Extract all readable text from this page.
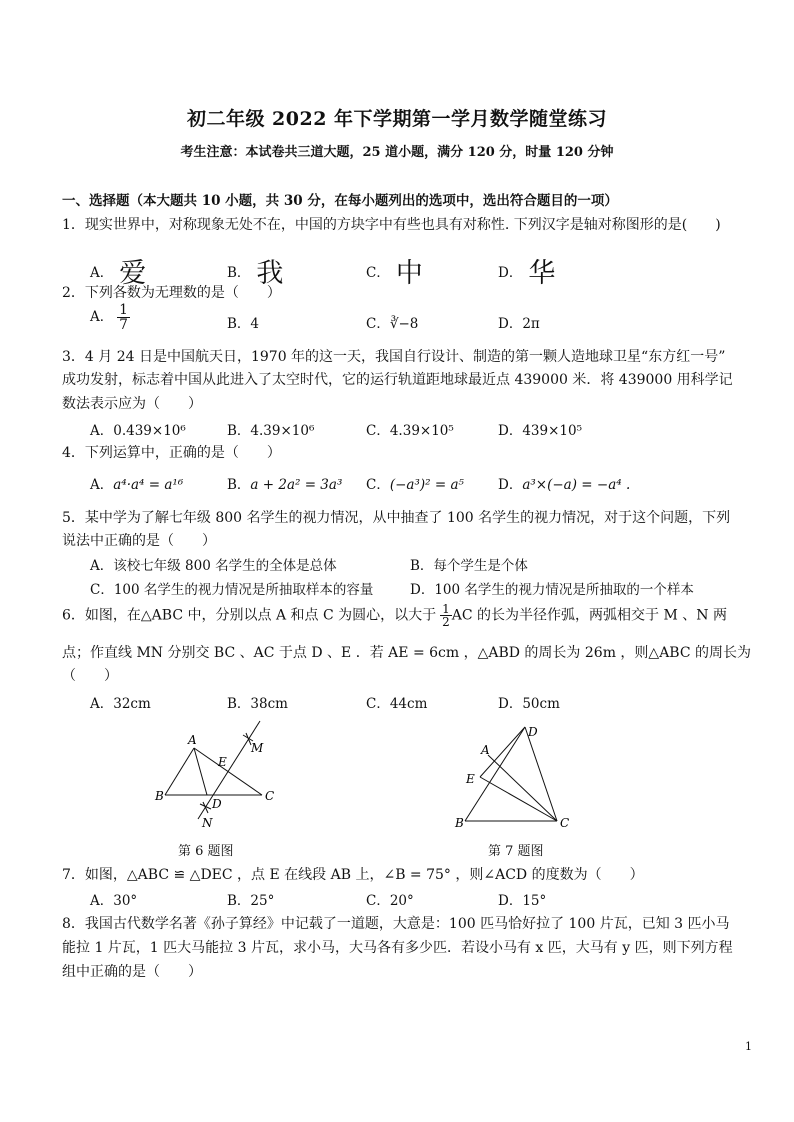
初二年级 2022 年下学期第一学月数学随堂练习
考生注意：本试卷共三道大题，25 道小题，满分 120 分，时量 120 分钟
一、选择题（本大题共 10 小题，共 30 分，在每小题列出的选项中，选出符合题目的一项）
1．现实世界中，对称现象无处不在，中国的方块字中有些也具有对称性. 下列汉字是轴对称图形的是(　　)
A． 爱	B． 我	C． 中	D． 华
2．下列各数为无理数的是（　　）
A． $\frac{1}{7}$	B．4	C．∛−8	D．2π
3．4 月 24 日是中国航天日，1970 年的这一天，我国自行设计、制造的第一颗人造地球卫星“东方红一号”
成功发射，标志着中国从此进入了太空时代，它的运行轨道距地球最近点 439000 米．将 439000 用科学记
数法表示应为（　　）
A．0.439×10⁶	B．4.39×10⁶	C．4.39×10⁵	D．439×10⁵
4．下列运算中，正确的是（　　）
A．a⁴·a⁴ = a¹⁶	B．a + 2a² = 3a³ C．(−a³)² = a⁵	D．a³×(−a) = −a⁴ .
5．某中学为了解七年级 800 名学生的视力情况，从中抽查了 100 名学生的视力情况，对于这个问题，下列
说法中正确的是（　　）
A．该校七年级 800 名学生的全体是总体	B．每个学生是个体
C．100 名学生的视力情况是所抽取样本的容量	D．100 名学生的视力情况是所抽取的一个样本
6．如图，在△ABC 中，分别以点 A 和点 C 为圆心，以大于 $\frac{1}{2}$ AC 的长为半径作弧，两弧相交于 M 、N 两
点；作直线 MN 分别交 BC 、AC 于点 D 、E ．若 AE = 6cm ，△ABD 的周长为 26m ，则△ABC 的周长为
（　　）
A．32cm	B．38cm	C．44cm	D．50cm
A
B	C
D
E
M
N
第 6 题图
D
A
E
B	C
第 7 题图
7．如图，△ABC ≌ △DEC ，点 E 在线段 AB 上，∠B = 75° ，则∠ACD 的度数为（　　）
A．30°	B．25°	C．20°	D．15°
8．我国古代数学名著《孙子算经》中记载了一道题，大意是：100 匹马恰好拉了 100 片瓦，已知 3 匹小马
能拉 1 片瓦，1 匹大马能拉 3 片瓦，求小马，大马各有多少匹．若设小马有 x 匹，大马有 y 匹，则下列方程
组中正确的是（　　）
1
